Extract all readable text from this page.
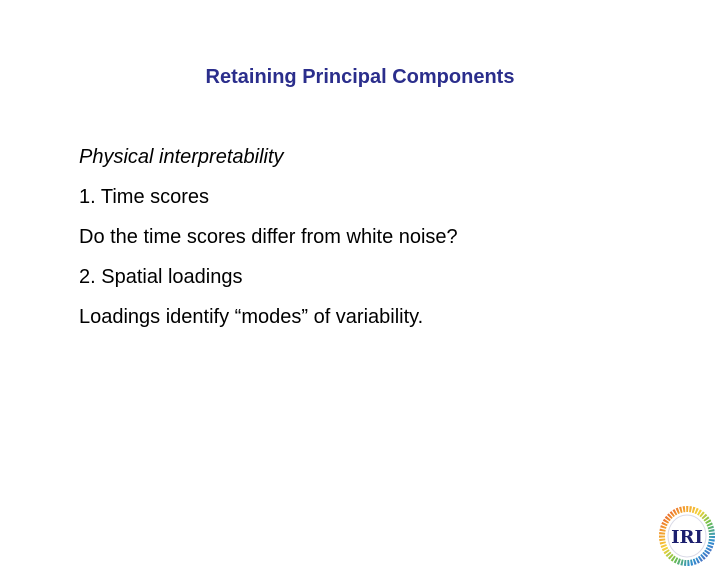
Retaining Principal Components
Physical interpretability
1. Time scores
Do the time scores differ from white noise?
2. Spatial loadings
Loadings identify “modes” of variability.
IRI
